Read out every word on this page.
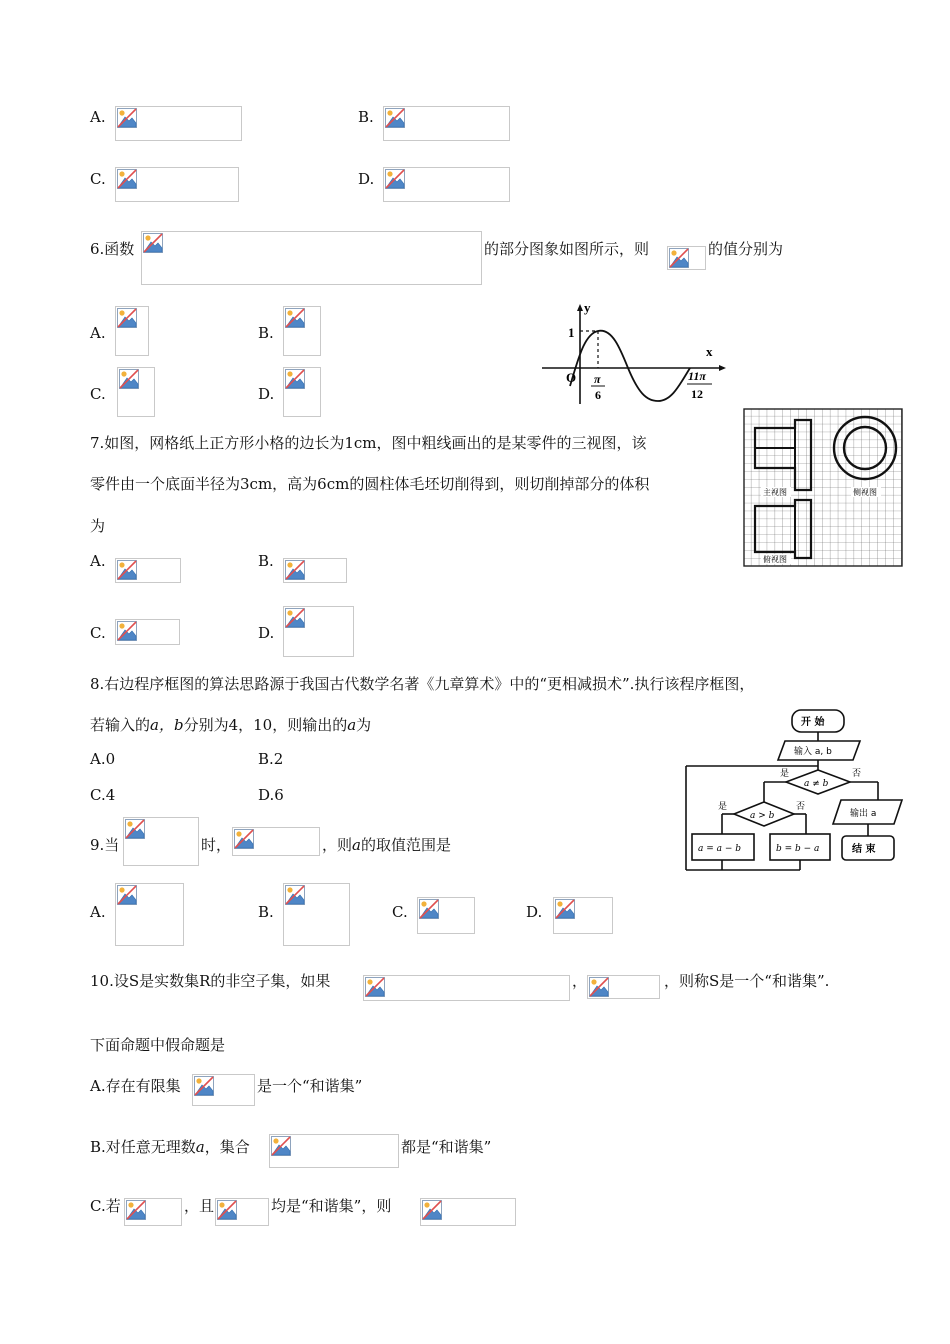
A.	B.
C.	D.
6.函数	的部分图象如图所示，则	的值分别为
A.	B.
C.	D.
y
x
O
1
π
6
11π
12
7.如图，网格纸上正方形小格的边长为1cm，图中粗线画出的是某零件的三视图，该
零件由一个底面半径为3cm，高为6cm的圆柱体毛坯切削得到，则切削掉部分的体积
为
A.	B.
C.	D.
主视图	侧视图
俯视图
8.右边程序框图的算法思路源于我国古代数学名著《九章算术》中的“更相减损术”.执行该程序框图，
若输入的a，b分别为4，10，则输出的a为
A.0	B.2
C.4	D.6
开 始
输入 a, b
a ≠ b
是	否
a > b
是	否
a = a − b	b = b − a
输出 a
结 束
9.当	时，	，则a的取值范围是
A.	B.	C.	D.
10.设S是实数集R的非空子集，如果	，	，则称S是一个“和谐集”.
下面命题中假命题是
A.存在有限集	是一个“和谐集”
B.对任意无理数a，集合	都是“和谐集”
C.若	，且	均是“和谐集”，则
